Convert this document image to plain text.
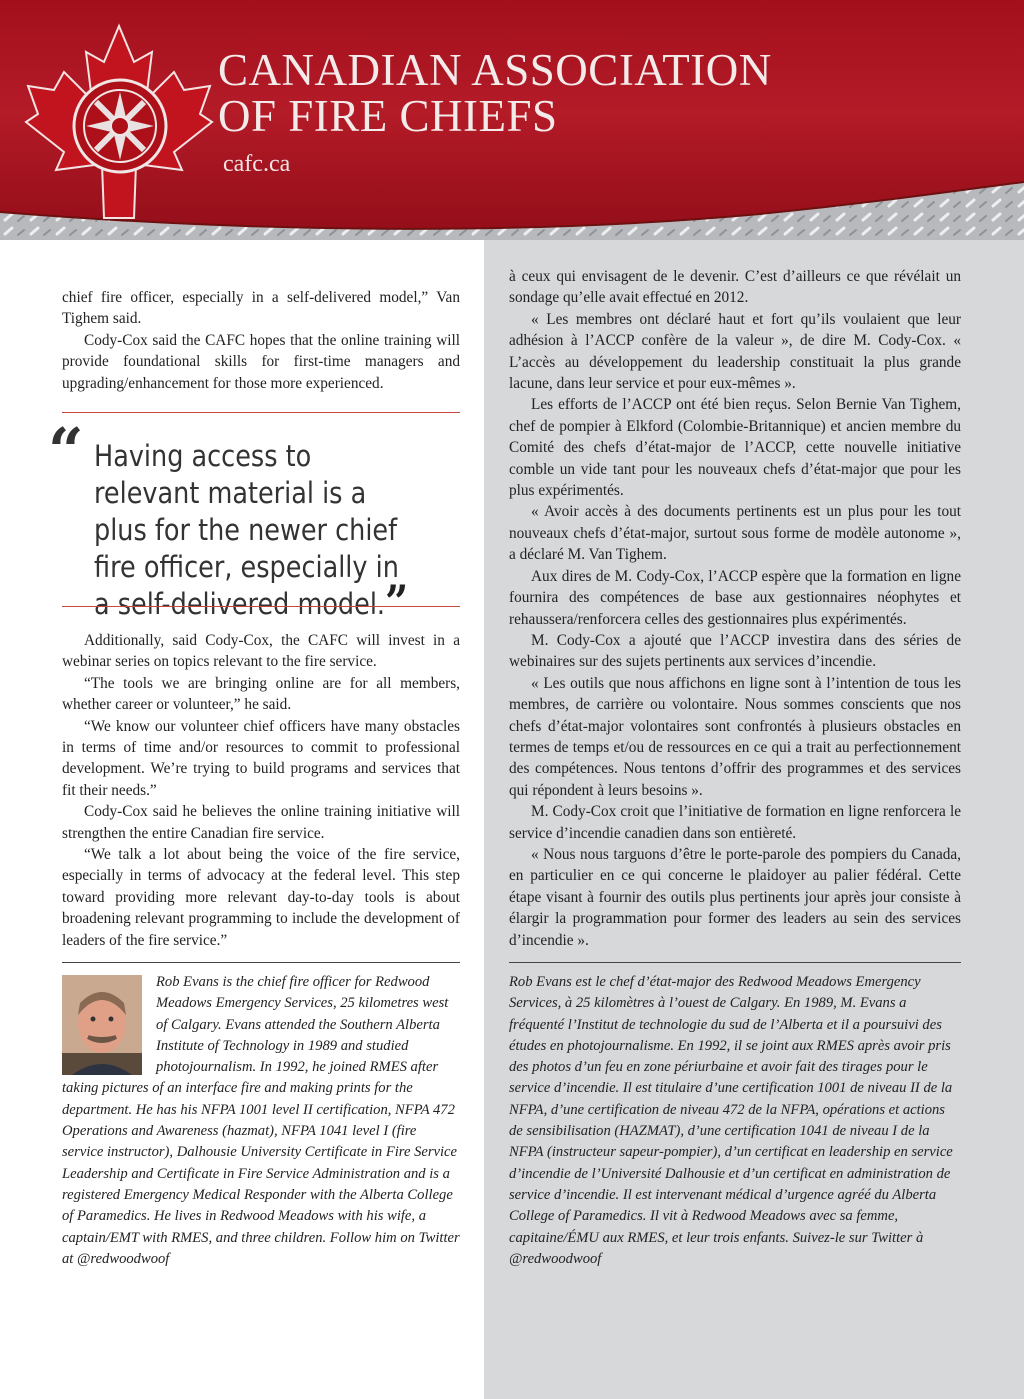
CANADIAN ASSOCIATION
OF FIRE CHIEFS
cafc.ca

chief fire officer, especially in a self-delivered model,” Van Tighem said.

Cody-Cox said the CAFC hopes that the online training will provide foundational skills for first-time managers and upgrading/enhancement for those more experienced.

“ Having access to relevant material is a plus for the newer chief fire officer, especially in a self-delivered model.”

Additionally, said Cody-Cox, the CAFC will invest in a webinar series on topics relevant to the fire service.

“The tools we are bringing online are for all members, whether career or volunteer,” he said.

“We know our volunteer chief officers have many obstacles in terms of time and/or resources to commit to professional development. We’re trying to build programs and services that fit their needs.”

Cody-Cox said he believes the online training initiative will strengthen the entire Canadian fire service.

“We talk a lot about being the voice of the fire service, especially in terms of advocacy at the federal level. This step toward providing more relevant day-to-day tools is about broadening relevant programming to include the development of leaders of the fire service.”

Rob Evans is the chief fire officer for Redwood Meadows Emergency Services, 25 kilometres west of Calgary. Evans attended the Southern Alberta Institute of Technology in 1989 and studied photojournalism. In 1992, he joined RMES after taking pictures of an interface fire and making prints for the department. He has his NFPA 1001 level II certification, NFPA 472 Operations and Awareness (hazmat), NFPA 1041 level I (fire service instructor), Dalhousie University Certificate in Fire Service Leadership and Certificate in Fire Service Administration and is a registered Emergency Medical Responder with the Alberta College of Paramedics. He lives in Redwood Meadows with his wife, a captain/EMT with RMES, and three children. Follow him on Twitter at @redwoodwoof

à ceux qui envisagent de le devenir. C’est d’ailleurs ce que révélait un sondage qu’elle avait effectué en 2012.

« Les membres ont déclaré haut et fort qu’ils voulaient que leur adhésion à l’ACCP confère de la valeur », de dire M. Cody-Cox. « L’accès au développement du leadership constituait la plus grande lacune, dans leur service et pour eux-mêmes ».

Les efforts de l’ACCP ont été bien reçus. Selon Bernie Van Tighem, chef de pompier à Elkford (Colombie-Britannique) et ancien membre du Comité des chefs d’état-major de l’ACCP, cette nouvelle initiative comble un vide tant pour les nouveaux chefs d’état-major que pour les plus expérimentés.

« Avoir accès à des documents pertinents est un plus pour les tout nouveaux chefs d’état-major, surtout sous forme de modèle autonome », a déclaré M. Van Tighem.

Aux dires de M. Cody-Cox, l’ACCP espère que la formation en ligne fournira des compétences de base aux gestionnaires néophytes et rehaussera/renforcera celles des gestionnaires plus expérimentés.

M. Cody-Cox a ajouté que l’ACCP investira dans des séries de webinaires sur des sujets pertinents aux services d’incendie.

« Les outils que nous affichons en ligne sont à l’intention de tous les membres, de carrière ou volontaire. Nous sommes conscients que nos chefs d’état-major volontaires sont confrontés à plusieurs obstacles en termes de temps et/ou de ressources en ce qui a trait au perfectionnement des compétences. Nous tentons d’offrir des programmes et des services qui répondent à leurs besoins ».

M. Cody-Cox croit que l’initiative de formation en ligne renforcera le service d’incendie canadien dans son entièreté.

« Nous nous targuons d’être le porte-parole des pompiers du Canada, en particulier en ce qui concerne le plaidoyer au palier fédéral. Cette étape visant à fournir des outils plus pertinents jour après jour consiste à élargir la programmation pour former des leaders au sein des services d’incendie ».

Rob Evans est le chef d’état-major des Redwood Meadows Emergency Services, à 25 kilomètres à l’ouest de Calgary. En 1989, M. Evans a fréquenté l’Institut de technologie du sud de l’Alberta et il a poursuivi des études en photojournalisme. En 1992, il se joint aux RMES après avoir pris des photos d’un feu en zone périurbaine et avoir fait des tirages pour le service d’incendie. Il est titulaire d’une certification 1001 de niveau II de la NFPA, d’une certification de niveau 472 de la NFPA, opérations et actions de sensibilisation (HAZMAT), d’une certification 1041 de niveau I de la NFPA (instructeur sapeur-pompier), d’un certificat en leadership en service d’incendie de l’Université Dalhousie et d’un certificat en administration de service d’incendie. Il est intervenant médical d’urgence agréé du Alberta College of Paramedics. Il vit à Redwood Meadows avec sa femme, capitaine/ÉMU aux RMES, et leur trois enfants. Suivez-le sur Twitter à @redwoodwoof
